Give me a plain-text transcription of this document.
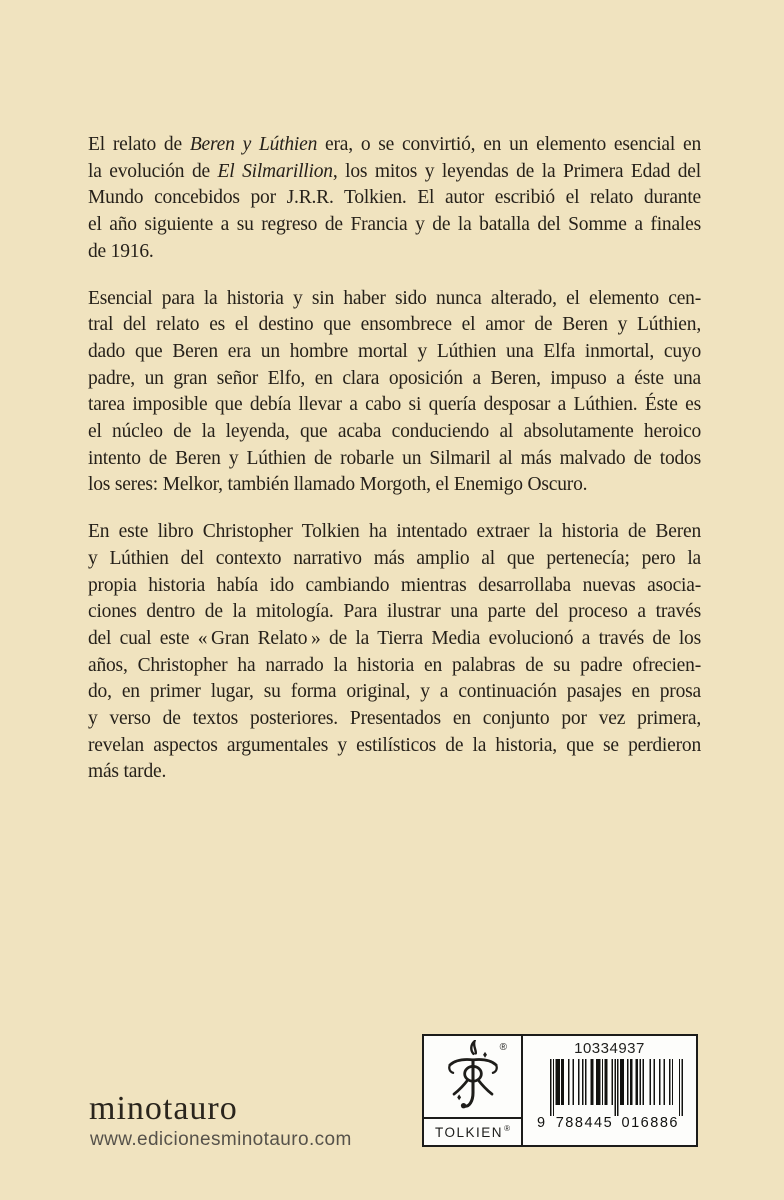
El relato de Beren y Lúthien era, o se convirtió, en un elemento esencial en
la evolución de El Silmarillion, los mitos y leyendas de la Primera Edad del
Mundo concebidos por J.R.R. Tolkien. El autor escribió el relato durante
el año siguiente a su regreso de Francia y de la batalla del Somme a finales
de 1916.
Esencial para la historia y sin haber sido nunca alterado, el elemento cen-
tral del relato es el destino que ensombrece el amor de Beren y Lúthien,
dado que Beren era un hombre mortal y Lúthien una Elfa inmortal, cuyo
padre, un gran señor Elfo, en clara oposición a Beren, impuso a éste una
tarea imposible que debía llevar a cabo si quería desposar a Lúthien. Éste es
el núcleo de la leyenda, que acaba conduciendo al absolutamente heroico
intento de Beren y Lúthien de robarle un Silmaril al más malvado de todos
los seres: Melkor, también llamado Morgoth, el Enemigo Oscuro.
En este libro Christopher Tolkien ha intentado extraer la historia de Beren
y Lúthien del contexto narrativo más amplio al que pertenecía; pero la
propia historia había ido cambiando mientras desarrollaba nuevas asocia-
ciones dentro de la mitología. Para ilustrar una parte del proceso a través
del cual este « Gran Relato » de la Tierra Media evolucionó a través de los
años, Christopher ha narrado la historia en palabras de su padre ofrecien-
do, en primer lugar, su forma original, y a continuación pasajes en prosa
y verso de textos posteriores. Presentados en conjunto por vez primera,
revelan aspectos argumentales y estilísticos de la historia, que se perdieron
más tarde.
minotauro
www.edicionesminotauro.com
®
TOLKIEN ®
10334937
9 788445 016886
